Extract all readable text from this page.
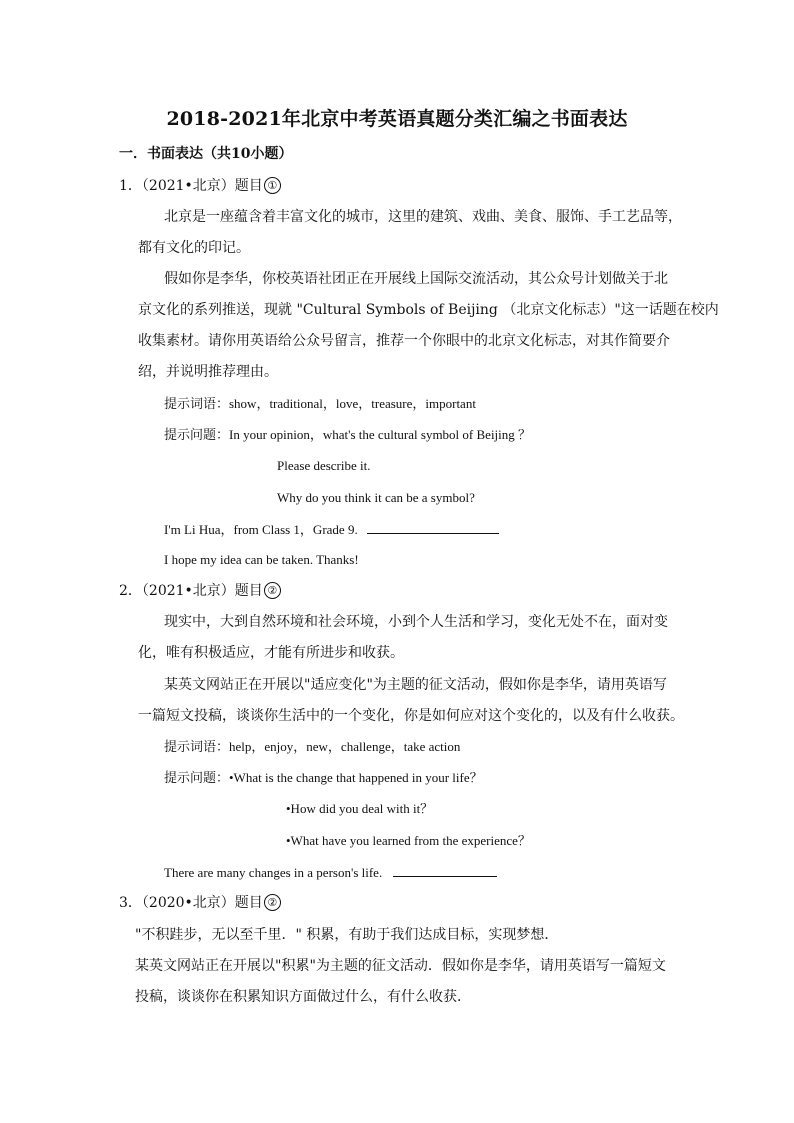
2018-2021年北京中考英语真题分类汇编之书面表达
一．书面表达（共10小题）
1．（2021•北京）题目 ①
北京是一座蕴含着丰富文化的城市，这里的建筑、戏曲、美食、服饰、手工艺品等，
都有文化的印记。
假如你是李华，你校英语社团正在开展线上国际交流活动，其公众号计划做关于北
京文化的系列推送，现就 "Cultural Symbols of Beijing （北京文化标志）"这一话题在校内
收集素材。请你用英语给公众号留言，推荐一个你眼中的北京文化标志，对其作简要介
绍，并说明推荐理由。
提示词语：show，traditional，love，treasure，important
提示问题：In your opinion，what's the cultural symbol of Beijing ？
Please describe it.
Why do you think it can be a symbol?
I'm Li Hua，from Class 1，Grade 9.
I hope my idea can be taken. Thanks!
2．（2021•北京）题目 ②
现实中，大到自然环境和社会环境，小到个人生活和学习，变化无处不在，面对变
化，唯有积极适应，才能有所进步和收获。
某英文网站正在开展以"适应变化"为主题的征文活动，假如你是李华，请用英语写
一篇短文投稿，谈谈你生活中的一个变化，你是如何应对这个变化的，以及有什么收获。
提示词语：help，enjoy，new，challenge，take action
提示问题：•What is the change that happened in your life？
•How did you deal with it？
•What have you learned from the experience？
There are many changes in a person's life.
3．（2020•北京）题目 ②
"不积跬步，无以至千里．" 积累，有助于我们达成目标，实现梦想．
某英文网站正在开展以"积累"为主题的征文活动．假如你是李华，请用英语写一篇短文
投稿，谈谈你在积累知识方面做过什么，有什么收获．
